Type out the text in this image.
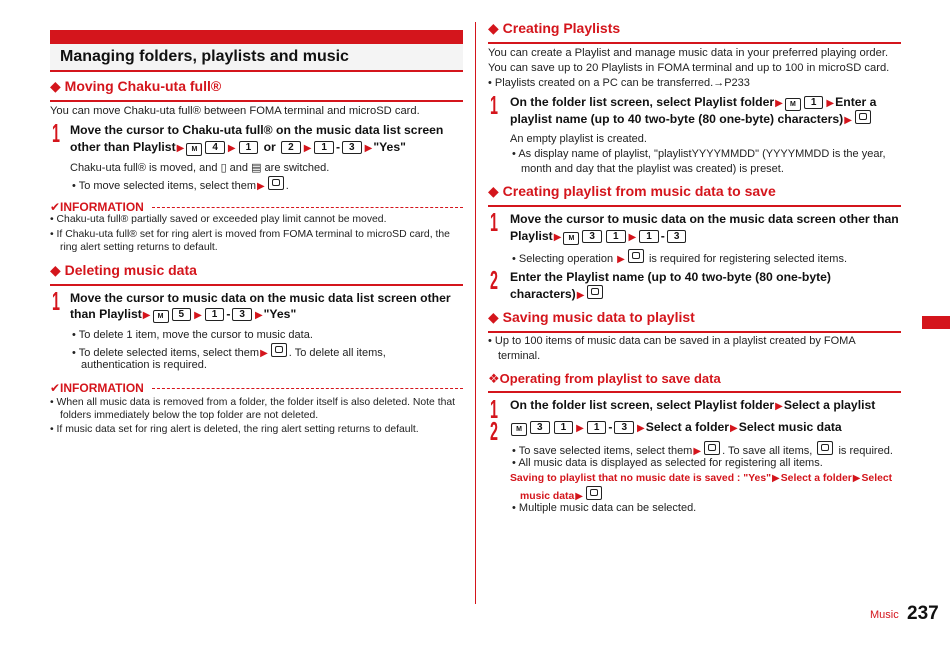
Managing folders, playlists and music
◆ Moving Chaku-uta full®
You can move Chaku-uta full® between FOMA terminal and microSD card.
1 Move the cursor to Chaku-uta full® on the music data list screen
other than Playlist▶ M 4 ▶ 1 or 2 ▶ 1 - 3 ▶"Yes"
Chaku-uta full® is moved, and ▯ and ▤ are switched.
• To move selected items, select them▶ .
✔INFORMATION
• Chaku-uta full® partially saved or exceeded play limit cannot be moved.
• If Chaku-uta full® set for ring alert is moved from FOMA terminal to microSD card, the
ring alert setting returns to default.
◆ Deleting music data
1 Move the cursor to music data on the music data list screen other
than Playlist▶ M 5 ▶ 1 - 3 ▶"Yes"
• To delete 1 item, move the cursor to music data.
• To delete selected items, select them▶ . To delete all items,
authentication is required.
✔INFORMATION
• When all music data is removed from a folder, the folder itself is also deleted. Note that
folders immediately below the top folder are not deleted.
• If music data set for ring alert is deleted, the ring alert setting returns to default.
◆ Creating Playlists
You can create a Playlist and manage music data in your preferred playing order.
You can save up to 20 Playlists in FOMA terminal and up to 100 in microSD card.
• Playlists created on a PC can be transferred.→P233
1 On the folder list screen, select Playlist folder▶ M 1 ▶Enter a
playlist name (up to 40 two-byte (80 one-byte) characters)▶
An empty playlist is created.
• As display name of playlist, "playlistYYYYMMDD" (YYYYMMDD is the year,
month and day that the playlist was created) is preset.
◆ Creating playlist from music data to save
1 Move the cursor to music data on the music data screen other than
Playlist▶ M 3 1 ▶ 1 - 3
• Selecting operation ▶ is required for registering selected items.
2 Enter the Playlist name (up to 40 two-byte (80 one-byte)
characters)▶
◆ Saving music data to playlist
• Up to 100 items of music data can be saved in a playlist created by FOMA
terminal.
❖Operating from playlist to save data
1 On the folder list screen, select Playlist folder▶Select a playlist
2	M 3 1 ▶ 1 - 3 ▶Select a folder▶Select music data
• To save selected items, select them▶ . To save all items, is required.
• All music data is displayed as selected for registering all items.
Saving to playlist that no music date is saved : "Yes"▶Select a folder▶Select
music data▶
• Multiple music data can be selected.
Music 237
